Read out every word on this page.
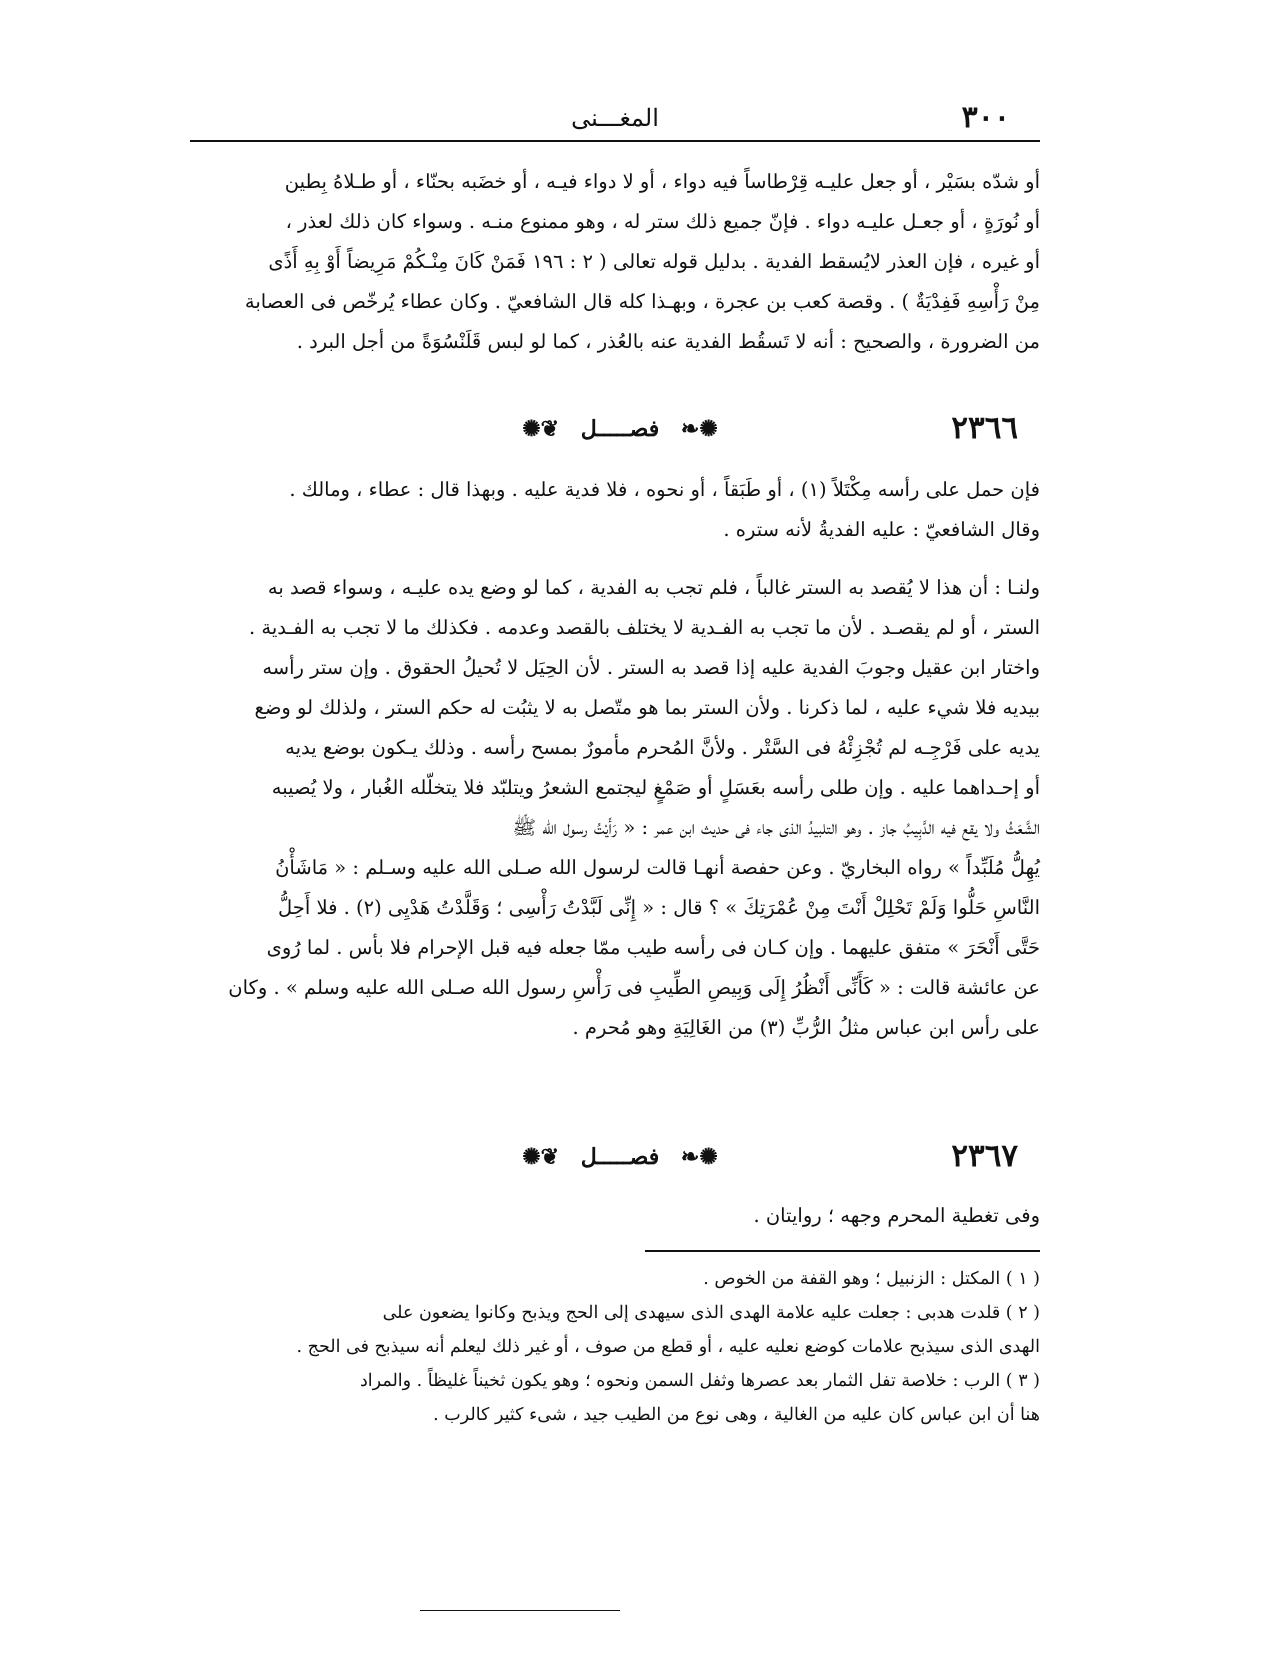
٣٠٠
المغـــنى

أو شدّه بسَيْر ، أو جعل عليـه قِرْطاساً فيه دواء ، أو لا دواء فيـه ، أو خضَبه بحنّاء ، أو طـلاهُ بِطين

أو نُورَةٍ ، أو جعـل عليـه دواء . فإنّ جميع ذلك ستر له ، وهو ممنوع منـه . وسواء كان ذلك لعذر ،

أو غيره ، فإن العذر لايُسقط الفدية . بدليل قوله تعالى ( ٢ : ١٩٦ فَمَنْ كَانَ مِنْـكُمْ مَرِيضاً أَوْ بِهِ أَذًى

مِنْ رَأْسِهِ فَفِدْيَةٌ ) . وقصة كعب بن عجرة ، وبهـذا كله قال الشافعيّ . وكان عطاء يُرخّص فى العصابة

من الضرورة ، والصحيح : أنه لا تَسقُط الفدية عنه بالعُذر ، كما لو لبس قَلَنْسُوَةً من أجل البرد .

٢٣٦٦
✺❧ فصـــــل ❦✺

فإن حمل على رأسه مِكْتَلاً (١) ، أو طَبَقاً ، أو نحوه ، فلا فدية عليه . وبهذا قال : عطاء ، ومالك .

وقال الشافعيّ : عليه الفديةُ لأنه ستره .

ولنـا : أن هذا لا يُقصد به الستر غالباً ، فلم تجب به الفدية ، كما لو وضع يده عليـه ، وسواء قصد به

الستر ، أو لم يقصـد . لأن ما تجب به الفـدية لا يختلف بالقصد وعدمه . فكذلك ما لا تجب به الفـدية .

واختار ابن عقيل وجوبَ الفدية عليه إذا قصد به الستر . لأن الحِيَل لا تُحيلُ الحقوق . وإن ستر رأسه

بيديه فلا شيء عليه ، لما ذكرنا . ولأن الستر بما هو متّصل به لا يثبُت له حكم الستر ، ولذلك لو وضع

يديه على فَرْجِـه لم تُجْزِئْهُ فى السَّتْر . ولأنَّ المُحرم مأمورٌ بمسح رأسه . وذلك يـكون بوضع يديه

أو إحـداهما عليه . وإن طلى رأسه بعَسَلٍ أو صَمْغٍ ليجتمع الشعرُ ويتلبّد فلا يتخلّله الغُبار ، ولا يُصيبه

الشَّعَثُ ولا يقع فيه الدَّبِيبُ جاز . وهو التلبيدُ الذى جاء فى حديث ابن عمر : « رَأَيْتُ رسول الله ﷺ

يُهِلُّ مُلَبِّداً » رواه البخاريّ . وعن حفصة أنهـا قالت لرسول الله صـلى الله عليه وسـلم : « مَاشَأْنُ

النَّاسِ حَلُّوا وَلَمْ تَحْلِلْ أَنْتَ مِنْ عُمْرَتِكَ » ؟ قال : « إِنِّى لَبَّدْتُ رَأْسِى ؛ وَقَلَّدْتُ هَدْيِى (٢) . فلا أَحِلُّ

حَتَّى أَنْحَرَ » متفق عليهما . وإن كـان فى رأسه طيب ممّا جعله فيه قبل الإحرام فلا بأس . لما رُوى

عن عائشة قالت : « كَأَنِّى أَنْظُرُ إِلَى وَبِيصِ الطِّيبِ فى رَأْسِ رسول الله صـلى الله عليه وسلم » . وكان

على رأس ابن عباس مثلُ الرُّبِّ (٣) من الغَالِيَةِ وهو مُحرم .

٢٣٦٧
✺❧ فصـــــل ❦✺

وفى تغطية المحرم وجهه ؛ روايتان .

( ١ ) المكتل : الزنبيل ؛ وهو القفة من الخوص .

( ٢ ) قلدت هدبى : جعلت عليه علامة الهدى الذى سيهدى إلى الحج ويذبح وكانوا يضعون على

الهدى الذى سيذبح علامات كوضع نعليه عليه ، أو قطع من صوف ، أو غير ذلك ليعلم أنه سيذبح فى الحج .

( ٣ ) الرب : خلاصة تفل الثمار بعد عصرها وثفل السمن ونحوه ؛ وهو يكون ثخيناً غليظاً . والمراد

هنا أن ابن عباس كان عليه من الغالية ، وهى نوع من الطيب جيد ، شىء كثير كالرب .
